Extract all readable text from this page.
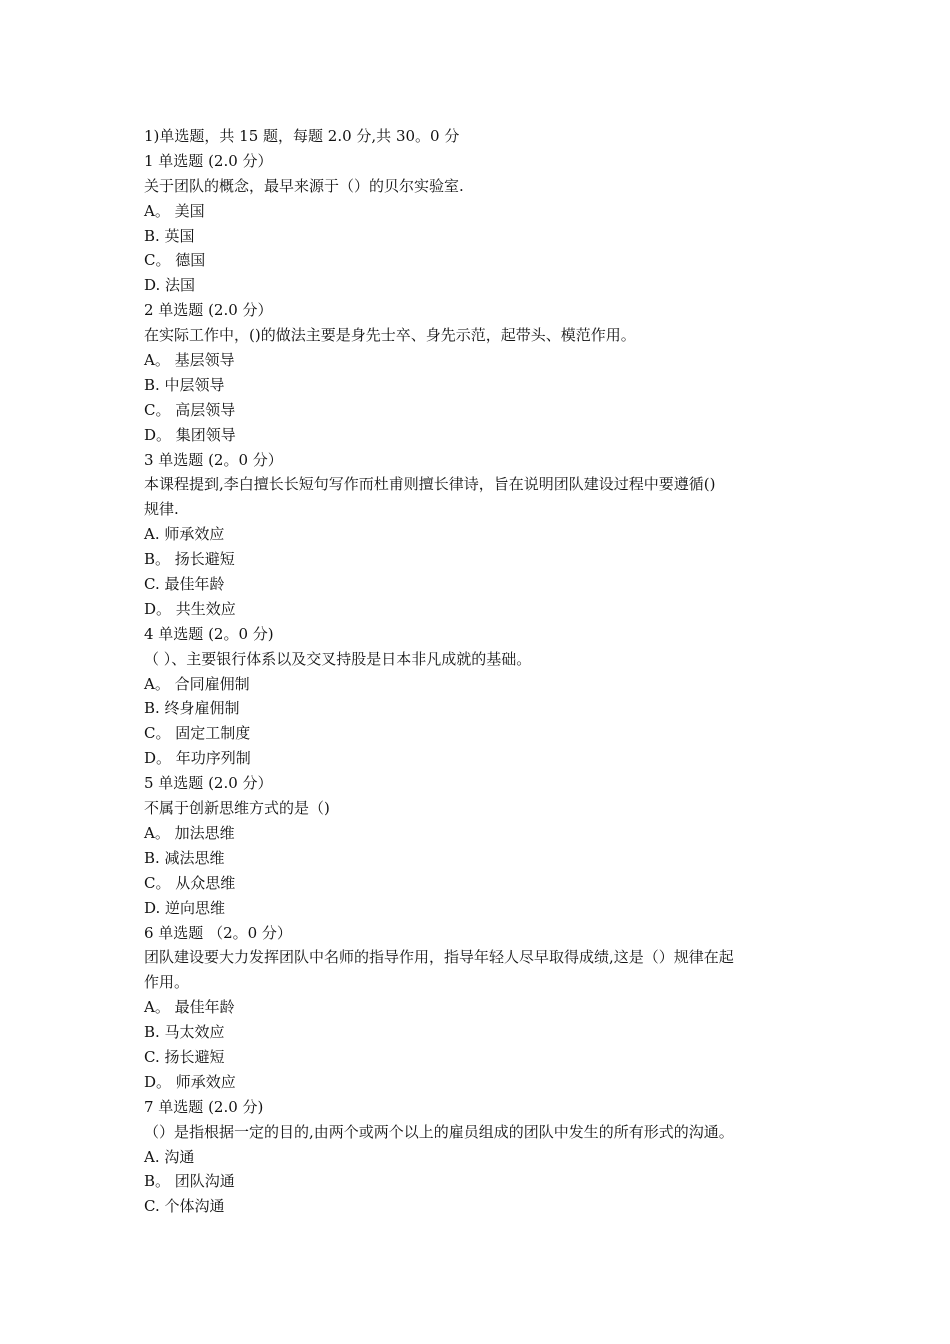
1)单选题，共 15 题，每题 2.0 分,共 30。0 分
1 单选题 (2.0 分）
关于团队的概念，最早来源于（）的贝尔实验室.
A。 美国
B. 英国
C。 德国
D. 法国
2 单选题 (2.0 分）
在实际工作中，()的做法主要是身先士卒、身先示范，起带头、模范作用。
A。 基层领导
B. 中层领导
C。 高层领导
D。 集团领导
3 单选题 (2。0 分）
本课程提到,李白擅长长短句写作而杜甫则擅长律诗，旨在说明团队建设过程中要遵循()
规律.
A. 师承效应
B。 扬长避短
C. 最佳年龄
D。 共生效应
4 单选题 (2。0 分)
（ ）、主要银行体系以及交叉持股是日本非凡成就的基础。
A。 合同雇佣制
B. 终身雇佣制
C。 固定工制度
D。 年功序列制
5 单选题 (2.0 分）
不属于创新思维方式的是（)
A。 加法思维
B. 减法思维
C。 从众思维
D. 逆向思维
6 单选题 （2。0 分）
团队建设要大力发挥团队中名师的指导作用，指导年轻人尽早取得成绩,这是（）规律在起
作用。
A。 最佳年龄
B. 马太效应
C. 扬长避短
D。 师承效应
7 单选题 (2.0 分)
（）是指根据一定的目的,由两个或两个以上的雇员组成的团队中发生的所有形式的沟通。
A. 沟通
B。 团队沟通
C. 个体沟通
